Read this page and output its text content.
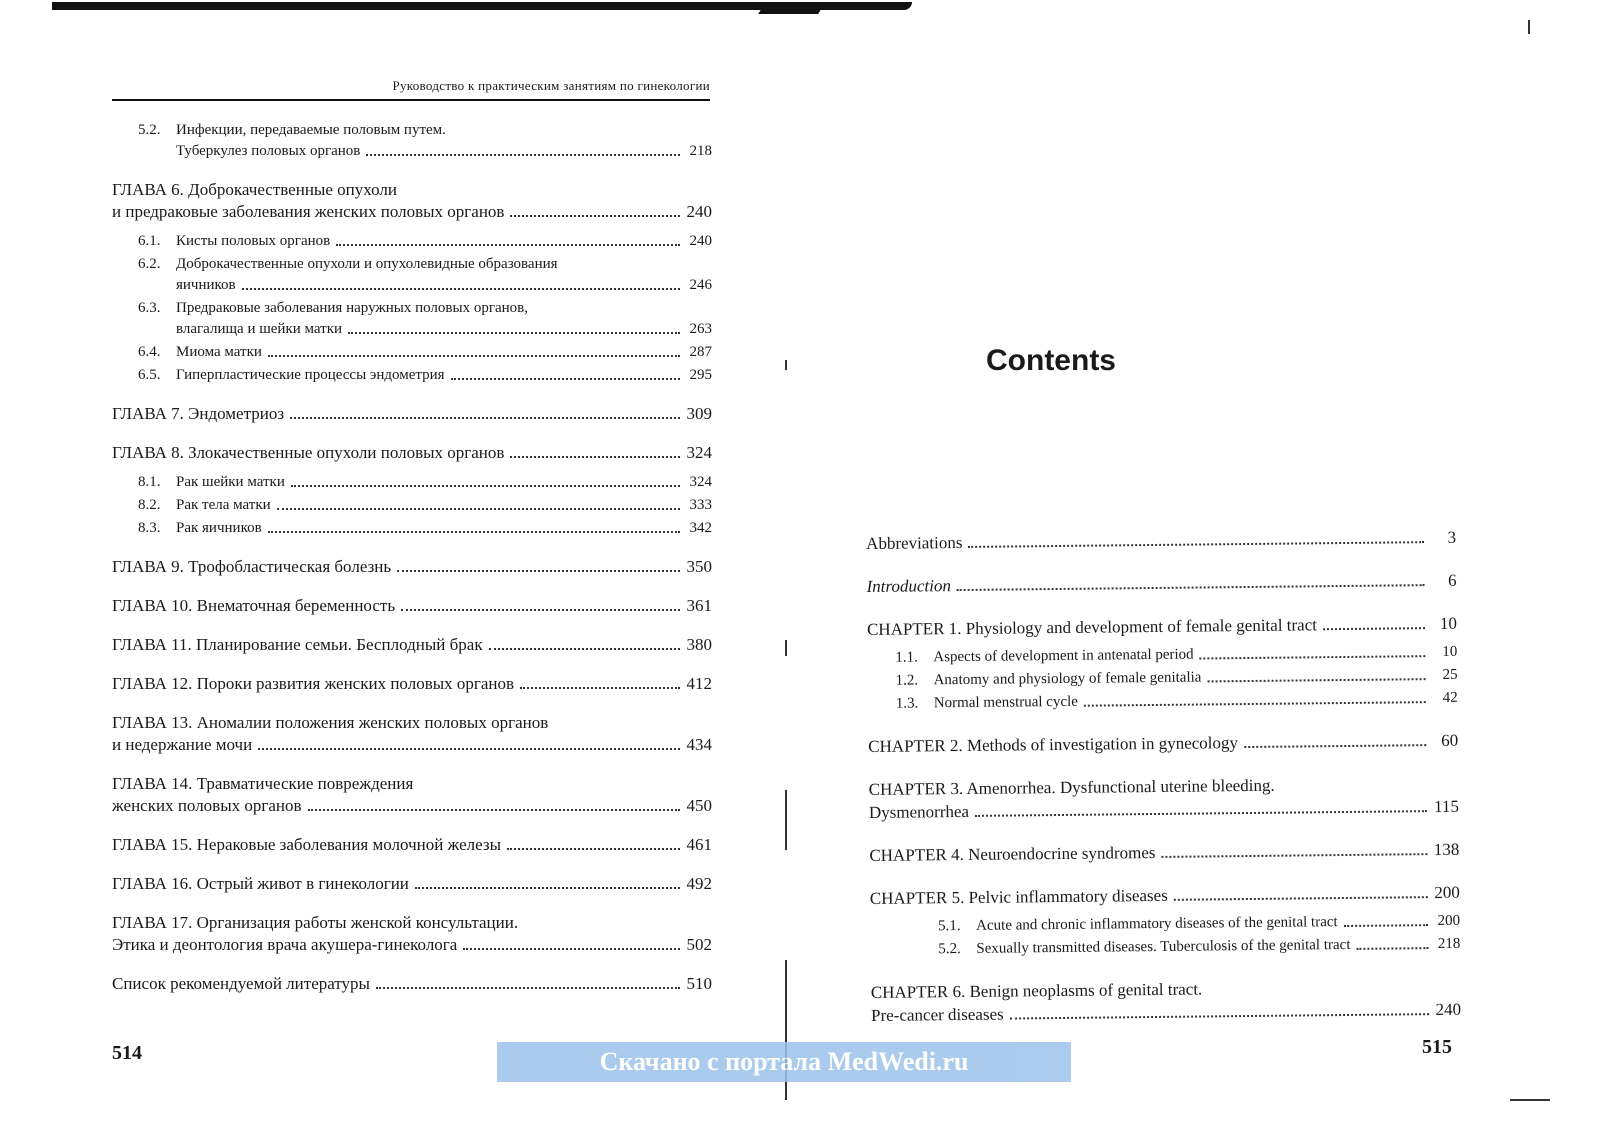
Руководство к практическим занятиям по гинекологии
5.2.	Инфекции, передаваемые половым путем.
Туберкулез половых органов	218
ГЛАВА 6. Доброкачественные опухоли
и предраковые заболевания женских половых органов	240
6.1.	Кисты половых органов	240
6.2.	Доброкачественные опухоли и опухолевидные образования
яичников	246
6.3.	Предраковые заболевания наружных половых органов,
влагалища и шейки матки	263
6.4.	Миома матки	287
6.5.	Гиперпластические процессы эндометрия	295
ГЛАВА 7. Эндометриоз	309
ГЛАВА 8. Злокачественные опухоли половых органов	324
8.1.	Рак шейки матки	324
8.2.	Рак тела матки	333
8.3.	Рак яичников	342
ГЛАВА 9. Трофобластическая болезнь	350
ГЛАВА 10. Внематочная беременность	361
ГЛАВА 11. Планирование семьи. Бесплодный брак	380
ГЛАВА 12. Пороки развития женских половых органов	412
ГЛАВА 13. Аномалии положения женских половых органов
и недержание мочи	434
ГЛАВА 14. Травматические повреждения
женских половых органов	450
ГЛАВА 15. Нераковые заболевания молочной железы	461
ГЛАВА 16. Острый живот в гинекологии	492
ГЛАВА 17. Организация работы женской консультации.
Этика и деонтология врача акушера-гинеколога	502
Список рекомендуемой литературы	510
514
Contents
Abbreviations	3
Introduction	6
CHAPTER 1. Physiology and development of female genital tract	10
1.1.	Aspects of development in antenatal period	10
1.2.	Anatomy and physiology of female genitalia	25
1.3.	Normal menstrual cycle	42
CHAPTER 2. Methods of investigation in gynecology	60
CHAPTER 3. Amenorrhea. Dysfunctional uterine bleeding.
Dysmenorrhea	115
CHAPTER 4. Neuroendocrine syndromes	138
CHAPTER 5. Pelvic inflammatory diseases	200
5.1.	Acute and chronic inflammatory diseases of the genital tract	200
5.2.	Sexually transmitted diseases. Tuberculosis of the genital tract	218
CHAPTER 6. Benign neoplasms of genital tract.
Pre-cancer diseases	240
515
Скачано с портала MedWedi.ru
